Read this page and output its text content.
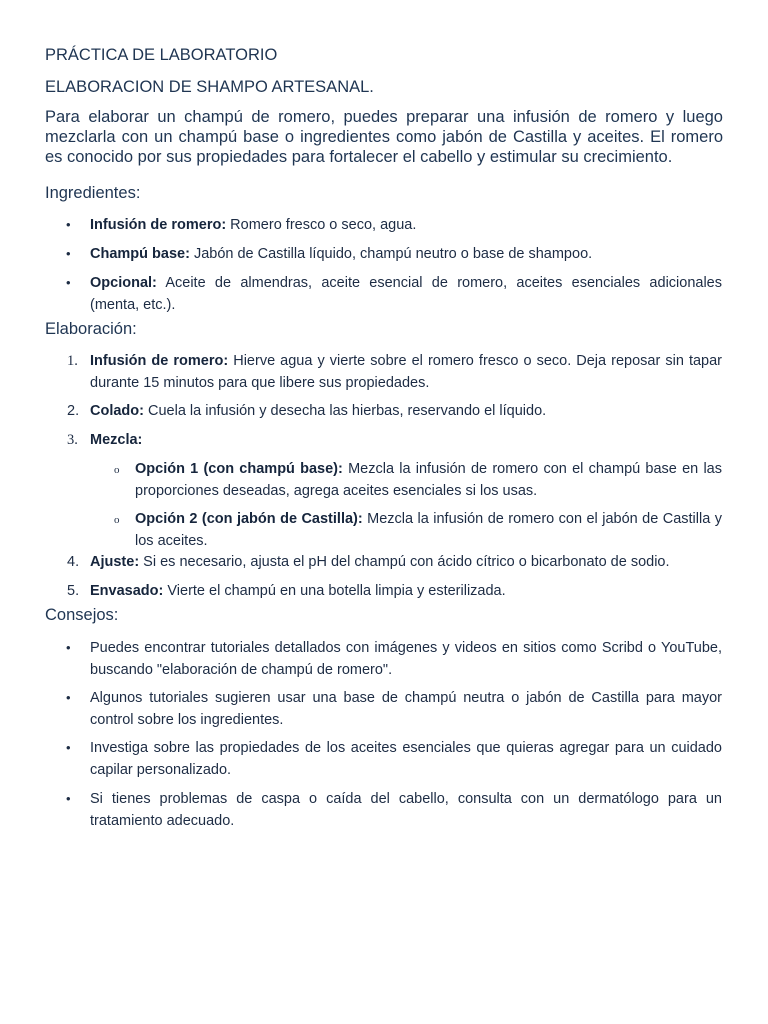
PRÁCTICA DE LABORATORIO
ELABORACION DE SHAMPO ARTESANAL.
Para elaborar un champú de romero, puedes preparar una infusión de romero y luego mezclarla con un champú base o ingredientes como jabón de Castilla y aceites. El romero es conocido por sus propiedades para fortalecer el cabello y estimular su crecimiento.
Ingredientes:
• Infusión de romero: Romero fresco o seco, agua.
• Champú base: Jabón de Castilla líquido, champú neutro o base de shampoo.
• Opcional: Aceite de almendras, aceite esencial de romero, aceites esenciales adicionales (menta, etc.).
Elaboración:
1. Infusión de romero: Hierve agua y vierte sobre el romero fresco o seco. Deja reposar sin tapar durante 15 minutos para que libere sus propiedades.
2. Colado: Cuela la infusión y desecha las hierbas, reservando el líquido.
3. Mezcla:
o Opción 1 (con champú base): Mezcla la infusión de romero con el champú base en las proporciones deseadas, agrega aceites esenciales si los usas.
o Opción 2 (con jabón de Castilla): Mezcla la infusión de romero con el jabón de Castilla y los aceites.
4. Ajuste: Si es necesario, ajusta el pH del champú con ácido cítrico o bicarbonato de sodio.
5. Envasado: Vierte el champú en una botella limpia y esterilizada.
Consejos:
• Puedes encontrar tutoriales detallados con imágenes y videos en sitios como Scribd o YouTube, buscando "elaboración de champú de romero".
• Algunos tutoriales sugieren usar una base de champú neutra o jabón de Castilla para mayor control sobre los ingredientes.
• Investiga sobre las propiedades de los aceites esenciales que quieras agregar para un cuidado capilar personalizado.
• Si tienes problemas de caspa o caída del cabello, consulta con un dermatólogo para un tratamiento adecuado.
